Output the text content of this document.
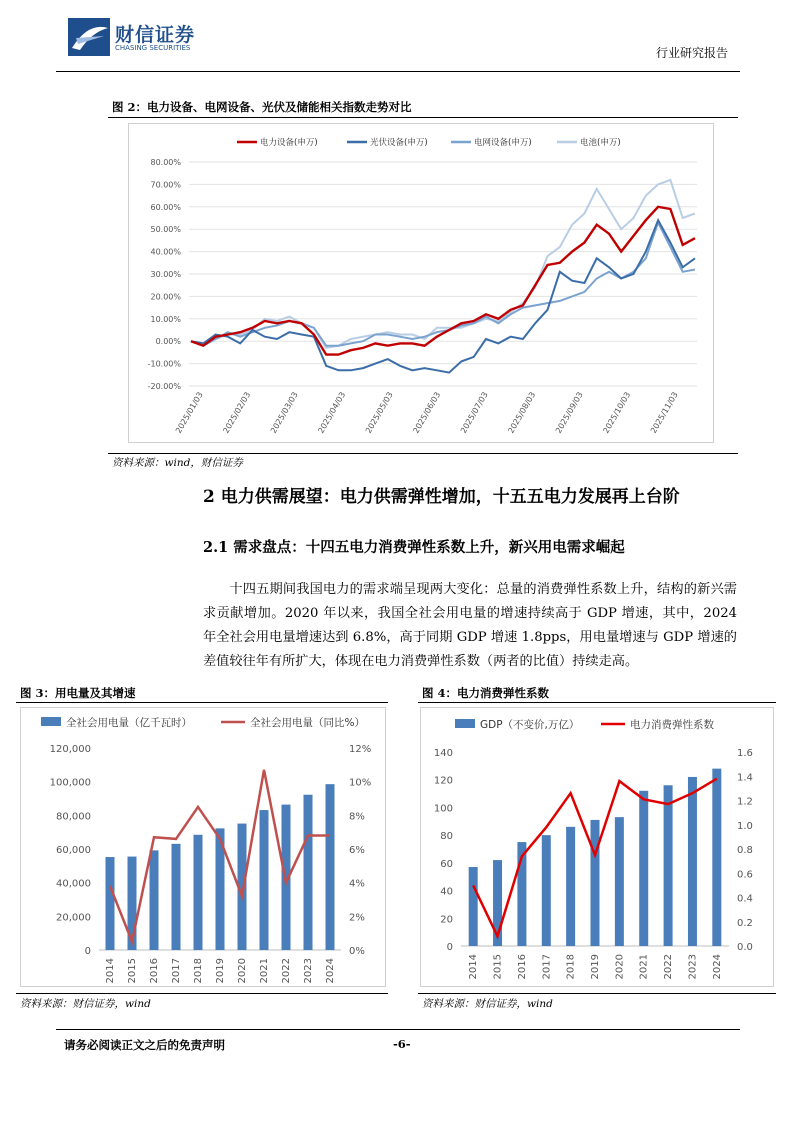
财信证券
CHASING SECURITIES	行业研究报告
图 2：电力设备、电网设备、光伏及储能相关指数走势对比
-20.00%
-10.00%
0.00%
10.00%
20.00%
30.00%
40.00%
50.00%
60.00%
70.00%
80.00%
2025/01/03 2025/02/03 2025/03/03 2025/04/03 2025/05/03 2025/06/03 2025/07/03 2025/08/03 2025/09/03 2025/10/03 2025/11/03
电力设备(申万)	光伏设备(申万)	电网设备(申万)	电池(申万)
资料来源：wind，财信证券
2 电力供需展望：电力供需弹性增加，十五五电力发展再上台阶
2.1 需求盘点：十四五电力消费弹性系数上升，新兴用电需求崛起

十四五期间我国电力的需求端呈现两大变化：总量的消费弹性系数上升，结构的新兴需求贡献增加。2020 年以来，我国全社会用电量的增速持续高于 GDP 增速，其中，2024 年全社会用电量增速达到 6.8%，高于同期 GDP 增速 1.8pps，用电量增速与 GDP 增速的差值较往年有所扩大，体现在电力消费弹性系数（两者的比值）持续走高。

图 3：用电量及其增速
0
20,000
40,000
60,000
80,000
100,000
120,000
0%
2%
4%
6%
8%
10%
12%
2014 2015 2016 2017 2018 2019 2020 2021 2022 2023 2024
全社会用电量（亿千瓦时）	全社会用电量（同比%）
资料来源：财信证券，wind
图 4：电力消费弹性系数
0
20
40
60
80
100
120
140
0.0
0.2
0.4
0.6
0.8
1.0
1.2
1.4
1.6
2014 2015 2016 2017 2018 2019 2020 2021 2022 2023 2024
GDP（不变价,万亿）	电力消费弹性系数
资料来源：财信证券，wind
请务必阅读正文之后的免责声明	-6-
